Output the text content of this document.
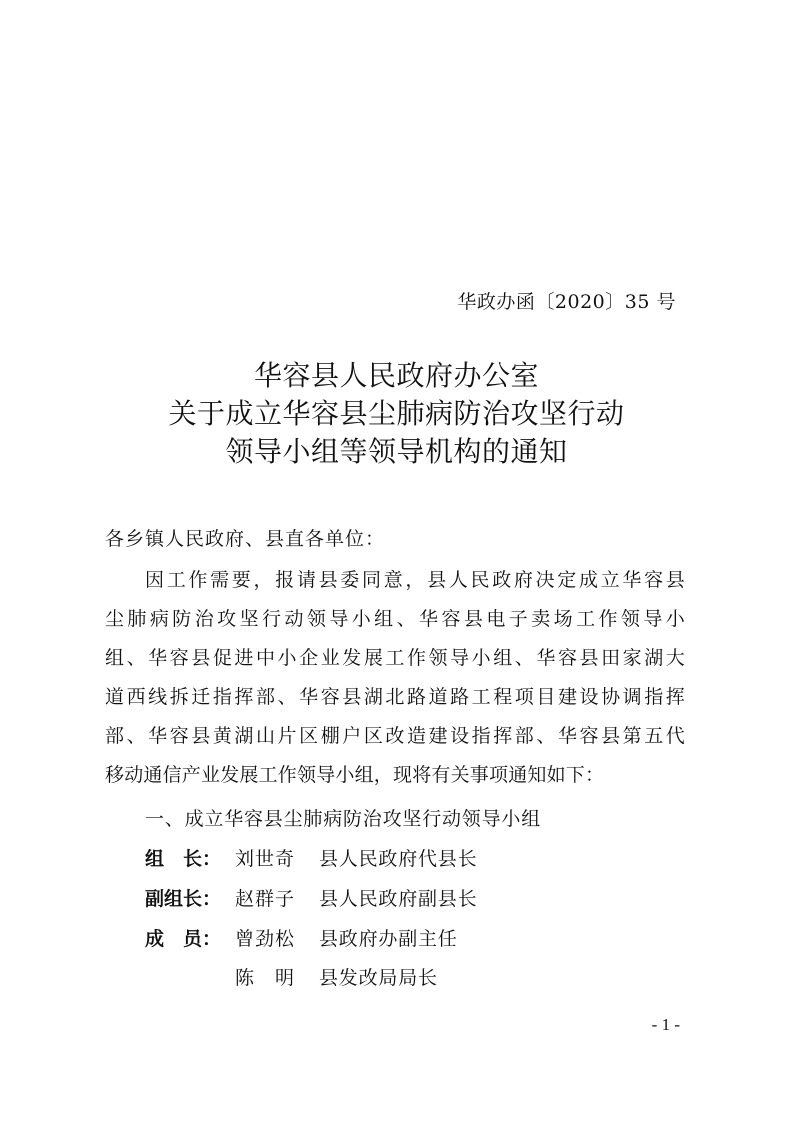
华政办函〔2020〕35 号
华容县人民政府办公室
关于成立华容县尘肺病防治攻坚行动
领导小组等领导机构的通知
各乡镇人民政府、县直各单位：
因工作需要，报请县委同意，县人民政府决定成立华容县
尘肺病防治攻坚行动领导小组、华容县电子卖场工作领导小
组、华容县促进中小企业发展工作领导小组、华容县田家湖大
道西线拆迁指挥部、华容县湖北路道路工程项目建设协调指挥
部、华容县黄湖山片区棚户区改造建设指挥部、华容县第五代
移动通信产业发展工作领导小组，现将有关事项通知如下：
一、成立华容县尘肺病防治攻坚行动领导小组
组　长： 刘世奇 县人民政府代县长
副组长： 赵群子 县人民政府副县长
成　员： 曾劲松 县政府办副主任
陈　明 县发改局局长
- 1 -
